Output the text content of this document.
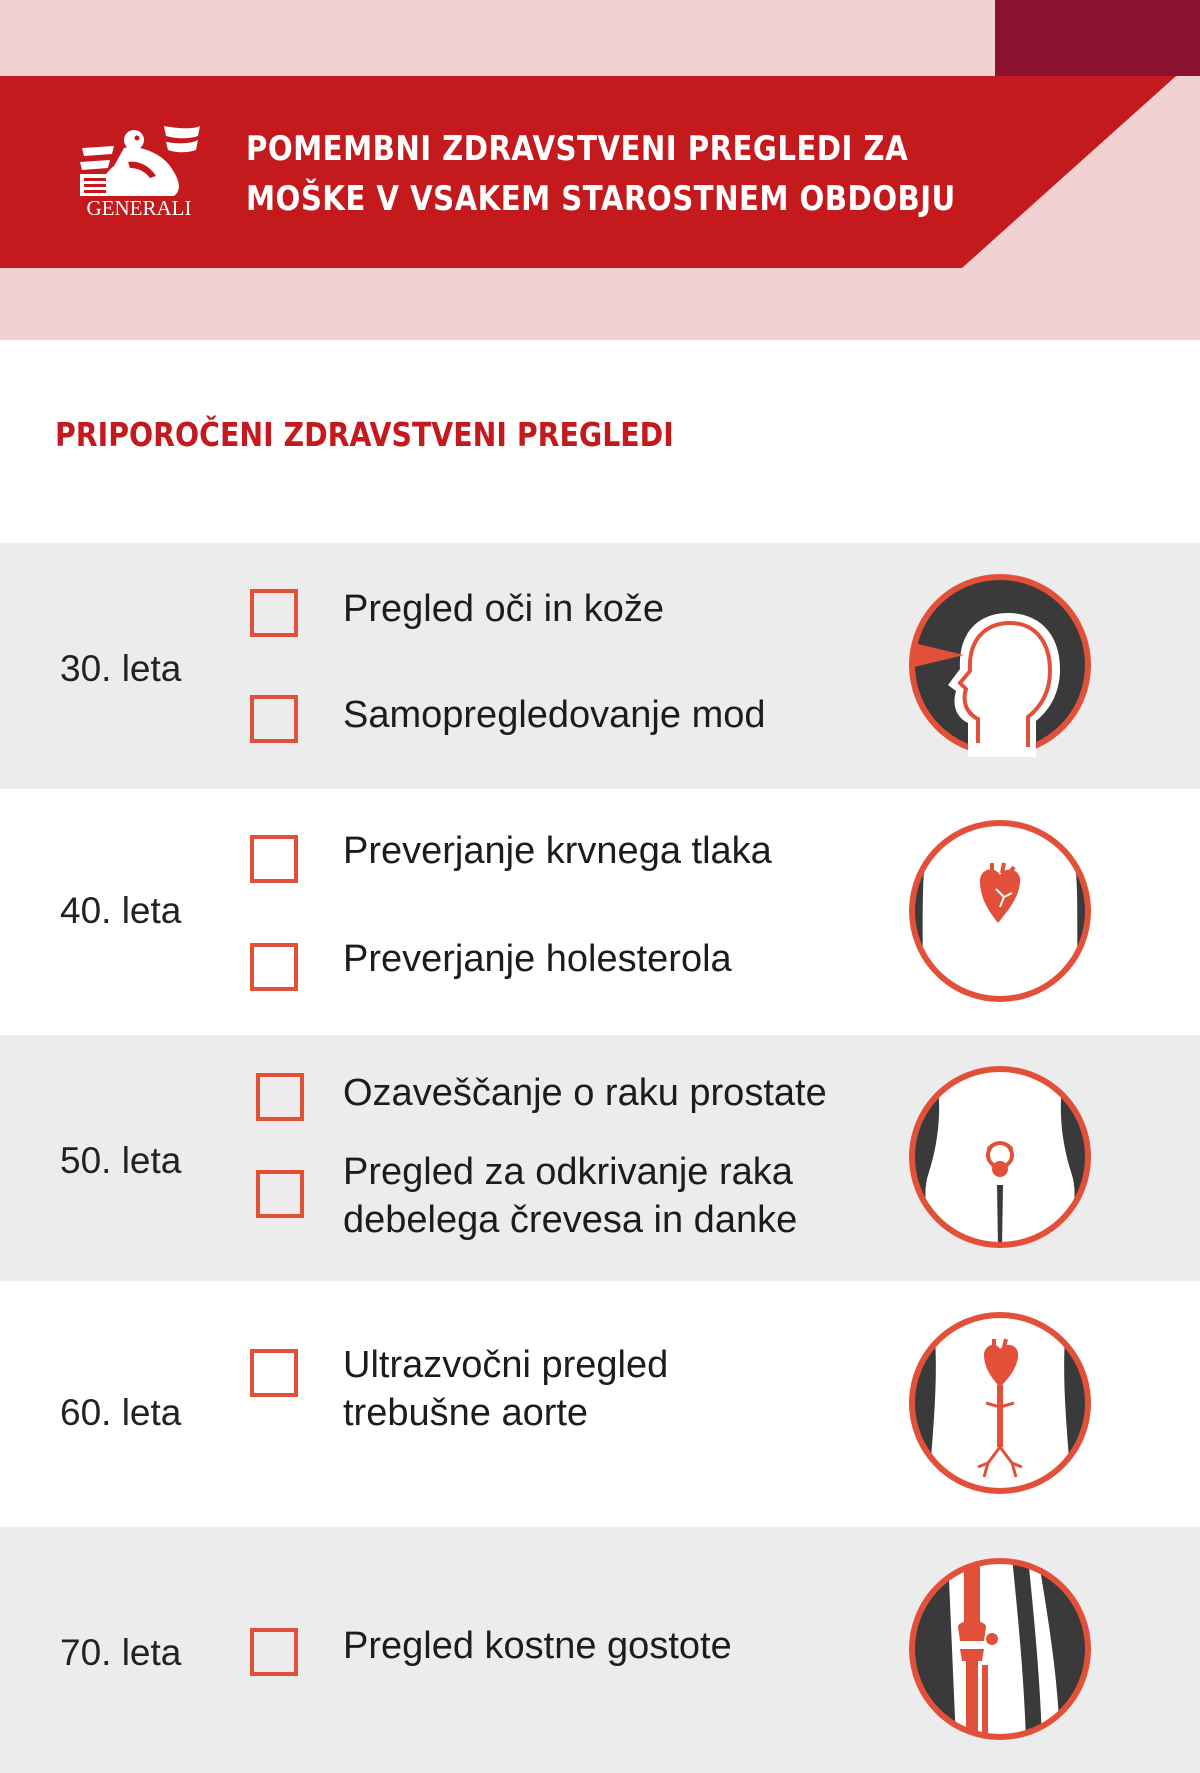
GENERALI
POMEMBNI ZDRAVSTVENI PREGLEDI ZA
MOŠKE V VSAKEM STAROSTNEM OBDOBJU
PRIPOROČENI ZDRAVSTVENI PREGLEDI
30. leta
Pregled oči in kože
Samopregledovanje mod
40. leta
Preverjanje krvnega tlaka
Preverjanje holesterola
50. leta
Ozaveščanje o raku prostate
Pregled za odkrivanje raka debelega črevesa in danke
60. leta
Ultrazvočni pregled trebušne aorte
70. leta	Pregled kostne gostote
